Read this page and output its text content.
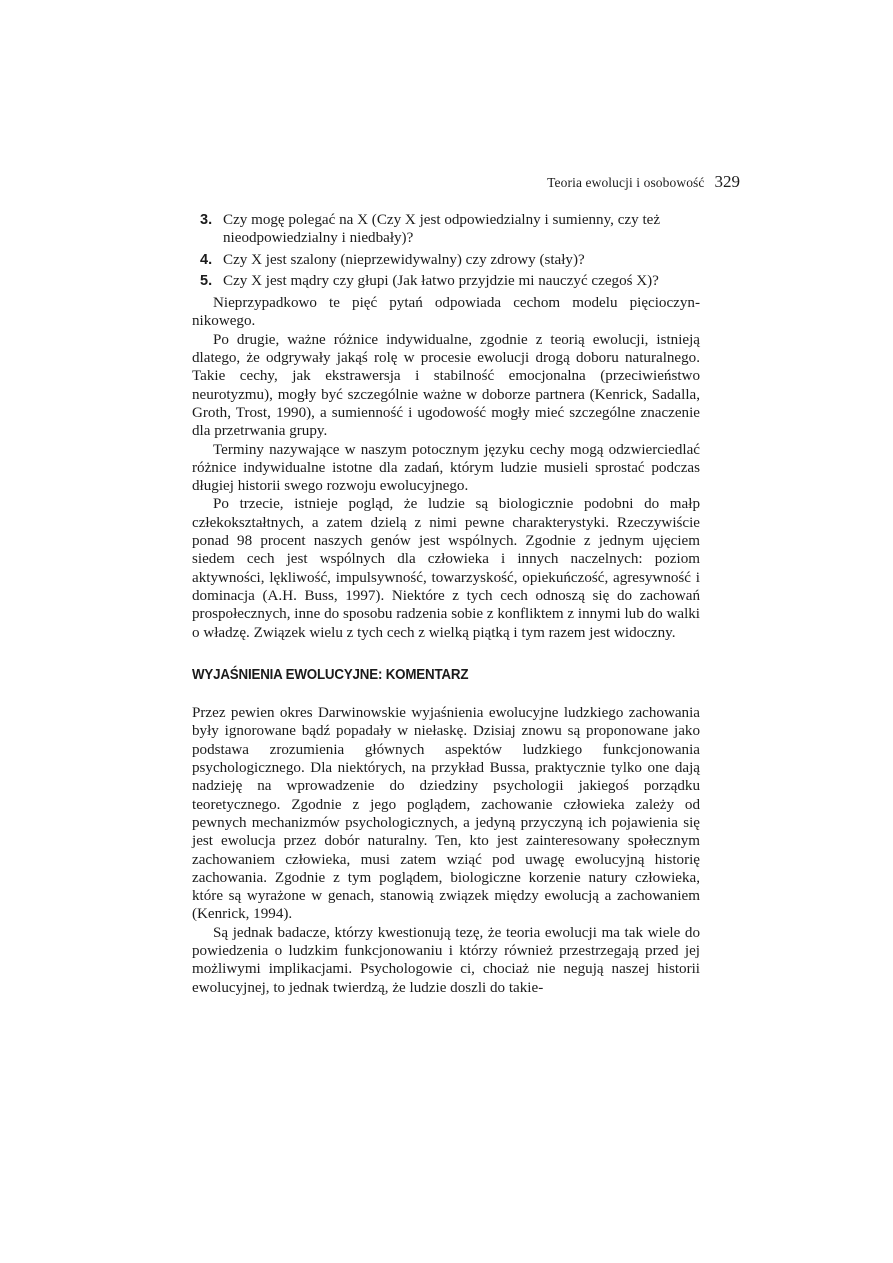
Teoria ewolucji i osobowość 329
3. Czy mogę polegać na X (Czy X jest odpowiedzialny i sumienny, czy też nieodpowiedzialny i niedbały)?
4. Czy X jest szalony (nieprzewidywalny) czy zdrowy (stały)?
5. Czy X jest mądry czy głupi (Jak łatwo przyjdzie mi nauczyć czegoś X)?

Nieprzypadkowo te pięć pytań odpowiada cechom modelu pięcioczynnikowego.

Po drugie, ważne różnice indywidualne, zgodnie z teorią ewolucji, istnieją dlatego, że odgrywały jakąś rolę w procesie ewolucji drogą doboru naturalnego. Takie cechy, jak ekstrawersja i stabilność emocjonalna (przeciwieństwo neurotyzmu), mogły być szczególnie ważne w doborze partnera (Kenrick, Sadalla, Groth, Trost, 1990), a sumienność i ugodowość mogły mieć szczególne znaczenie dla przetrwania grupy.

Terminy nazywające w naszym potocznym języku cechy mogą odzwierciedlać różnice indywidualne istotne dla zadań, którym ludzie musieli sprostać podczas długiej historii swego rozwoju ewolucyjnego.

Po trzecie, istnieje pogląd, że ludzie są biologicznie podobni do małp człekokształtnych, a zatem dzielą z nimi pewne charakterystyki. Rzeczywiście ponad 98 procent naszych genów jest wspólnych. Zgodnie z jednym ujęciem siedem cech jest wspólnych dla człowieka i innych naczelnych: poziom aktywności, lękliwość, impulsywność, towarzyskość, opiekuńczość, agresywność i dominacja (A.H. Buss, 1997). Niektóre z tych cech odnoszą się do zachowań prospołecznych, inne do sposobu radzenia sobie z konfliktem z innymi lub do walki o władzę. Związek wielu z tych cech z wielką piątką i tym razem jest widoczny.

WYJAŚNIENIA EWOLUCYJNE: KOMENTARZ

Przez pewien okres Darwinowskie wyjaśnienia ewolucyjne ludzkiego zachowania były ignorowane bądź popadały w niełaskę. Dzisiaj znowu są proponowane jako podstawa zrozumienia głównych aspektów ludzkiego funkcjonowania psychologicznego. Dla niektórych, na przykład Bussa, praktycznie tylko one dają nadzieję na wprowadzenie do dziedziny psychologii jakiegoś porządku teoretycznego. Zgodnie z jego poglądem, zachowanie człowieka zależy od pewnych mechanizmów psychologicznych, a jedyną przyczyną ich pojawienia się jest ewolucja przez dobór naturalny. Ten, kto jest zainteresowany społecznym zachowaniem człowieka, musi zatem wziąć pod uwagę ewolucyjną historię zachowania. Zgodnie z tym poglądem, biologiczne korzenie natury człowieka, które są wyrażone w genach, stanowią związek między ewolucją a zachowaniem (Kenrick, 1994).

Są jednak badacze, którzy kwestionują tezę, że teoria ewolucji ma tak wiele do powiedzenia o ludzkim funkcjonowaniu i którzy również przestrzegają przed jej możliwymi implikacjami. Psychologowie ci, chociaż nie negują naszej historii ewolucyjnej, to jednak twierdzą, że ludzie doszli do takie-
